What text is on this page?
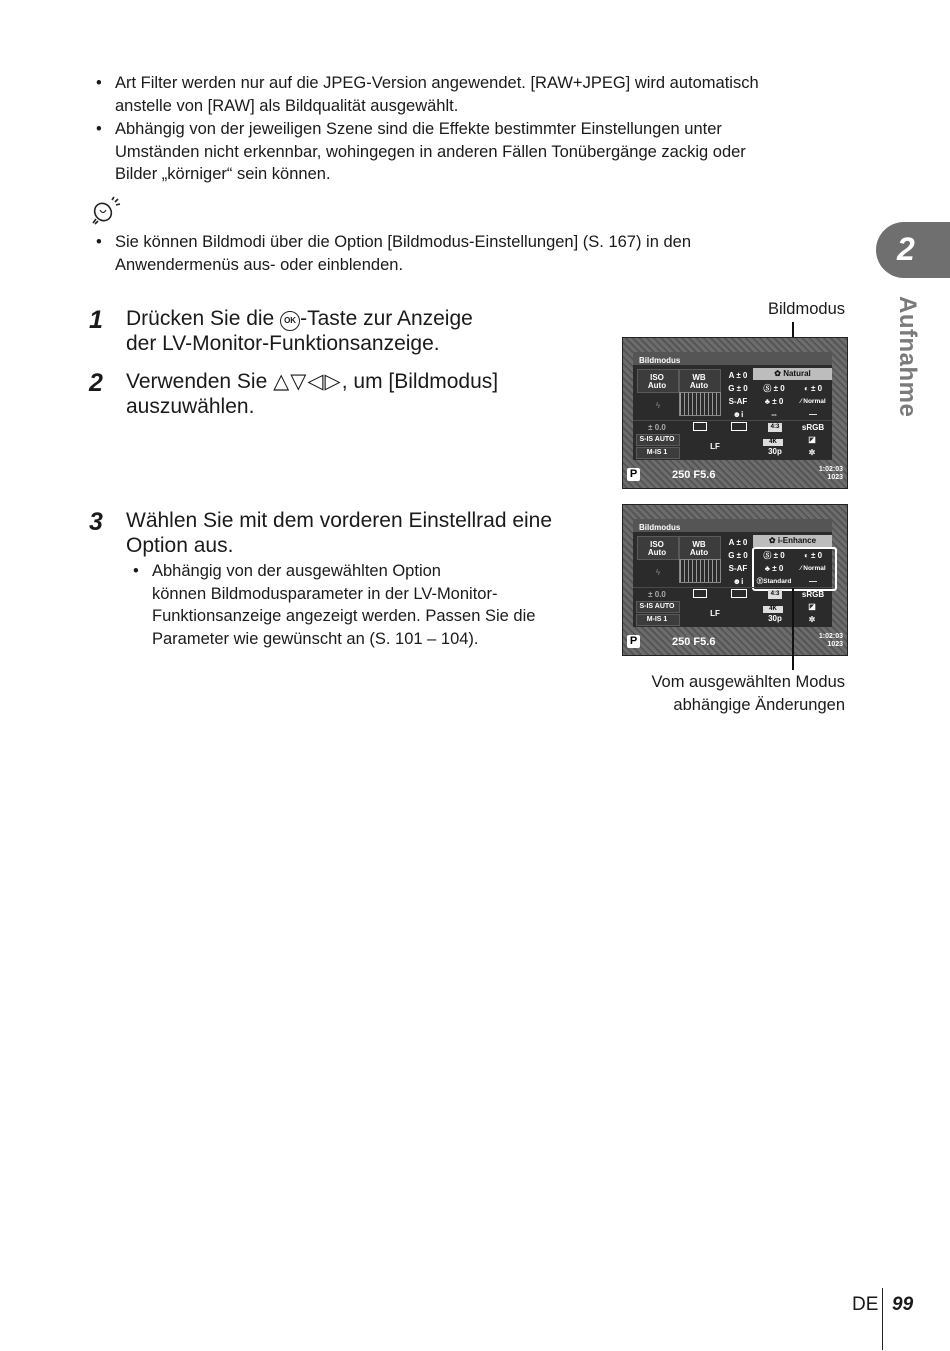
• Art Filter werden nur auf die JPEG-Version angewendet. [RAW+JPEG] wird automatisch
anstelle von [RAW] als Bildqualität ausgewählt.
• Abhängig von der jeweiligen Szene sind die Effekte bestimmter Einstellungen unter
Umständen nicht erkennbar, wohingegen in anderen Fällen Tonübergänge zackig oder
Bilder „körniger“ sein können.
• Sie können Bildmodi über die Option [Bildmodus-Einstellungen] (S. 167) in den
Anwendermenüs aus- oder einblenden.	2
Aufnahme
1 Drücken Sie die OK -Taste zur Anzeige
der LV-Monitor-Funktionsanzeige.
2 Verwenden Sie △▽◁▷, um [Bildmodus]
auszuwählen.
3 Wählen Sie mit dem vorderen Einstellrad eine
Option aus.
• Abhängig von der ausgewählten Option
können Bildmodusparameter in der LV-Monitor-
Funktionsanzeige angezeigt werden. Passen Sie die
Parameter wie gewünscht an (S. 101 – 104).
Bildmodus
Bildmodus
✿ Natural
ISO
Auto
WB
Auto
A ± 0
G ± 0
S-AF
☻i
Ⓢ ± 0	◐ ± 0
♣ ± 0	⁄ Normal
--	—
ϟ
± 0.0	4:3	sRGB
S-IS AUTO
M-IS 1
LF	4K
30p
◪
✲
P	250 F5.6	1:02:03
1023
Bildmodus
✿ i-Enhance
ISO
Auto
WB
Auto
A ± 0
G ± 0
S-AF
☻i
Ⓢ ± 0	◐ ± 0
♣ ± 0	⁄ Normal
ⒺStandard	—
ϟ
± 0.0	4:3	sRGB
S-IS AUTO
M-IS 1
LF	4K
30p
◪
✲
P	250 F5.6	1:02:03
1023
Vom ausgewählten Modus
abhängige Änderungen
DE 99
